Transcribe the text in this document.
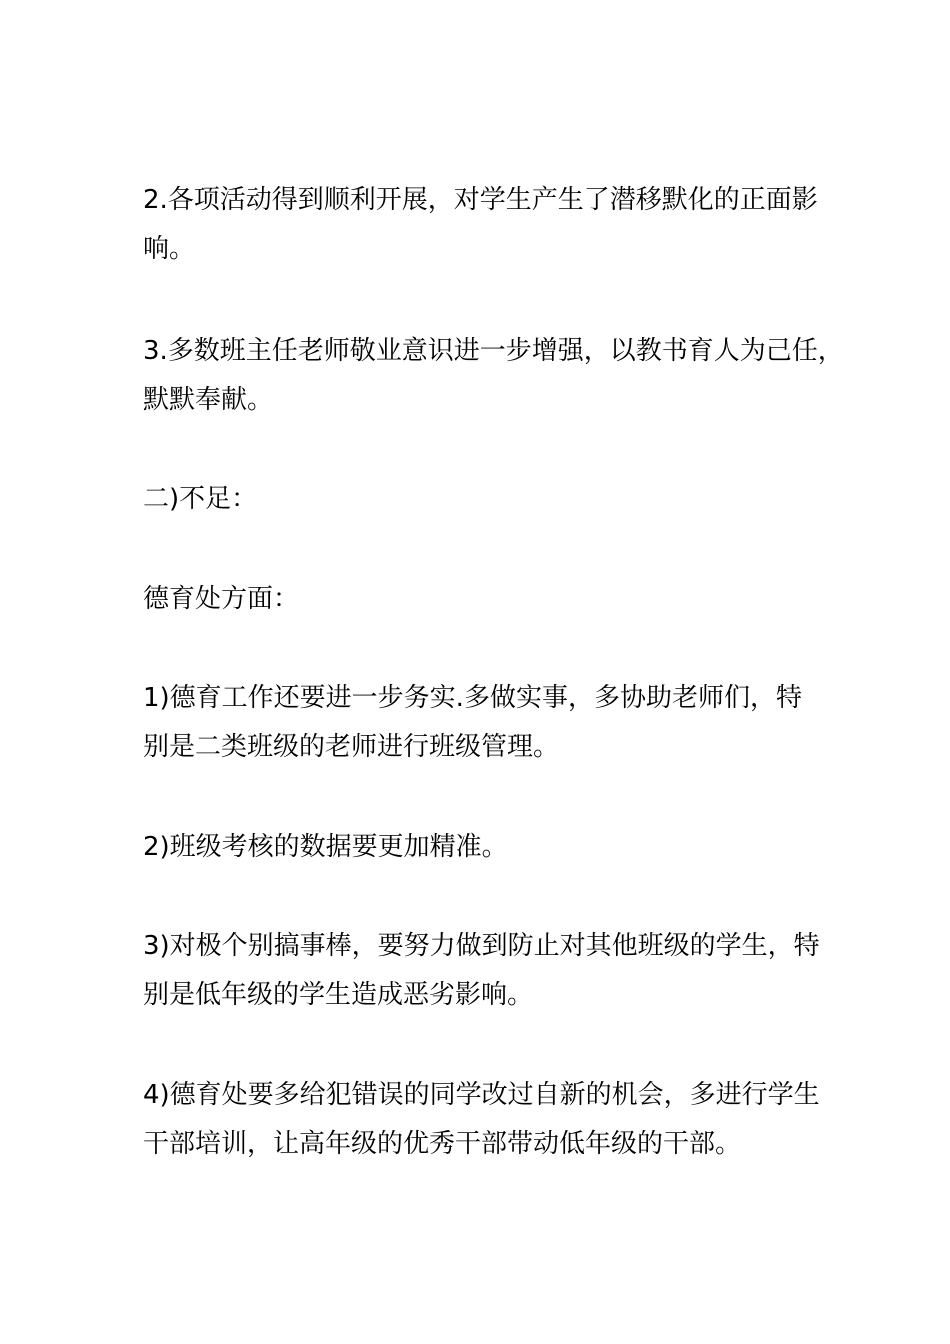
2.各项活动得到顺利开展，对学生产生了潜移默化的正面影
响。

3.多数班主任老师敬业意识进一步增强，以教书育人为己任，
默默奉献。

二)不足：

德育处方面：

1)德育工作还要进一步务实.多做实事，多协助老师们，特
别是二类班级的老师进行班级管理。

2)班级考核的数据要更加精准。

3)对极个别搞事棒，要努力做到防止对其他班级的学生，特
别是低年级的学生造成恶劣影响。

4)德育处要多给犯错误的同学改过自新的机会，多进行学生
干部培训，让高年级的优秀干部带动低年级的干部。
